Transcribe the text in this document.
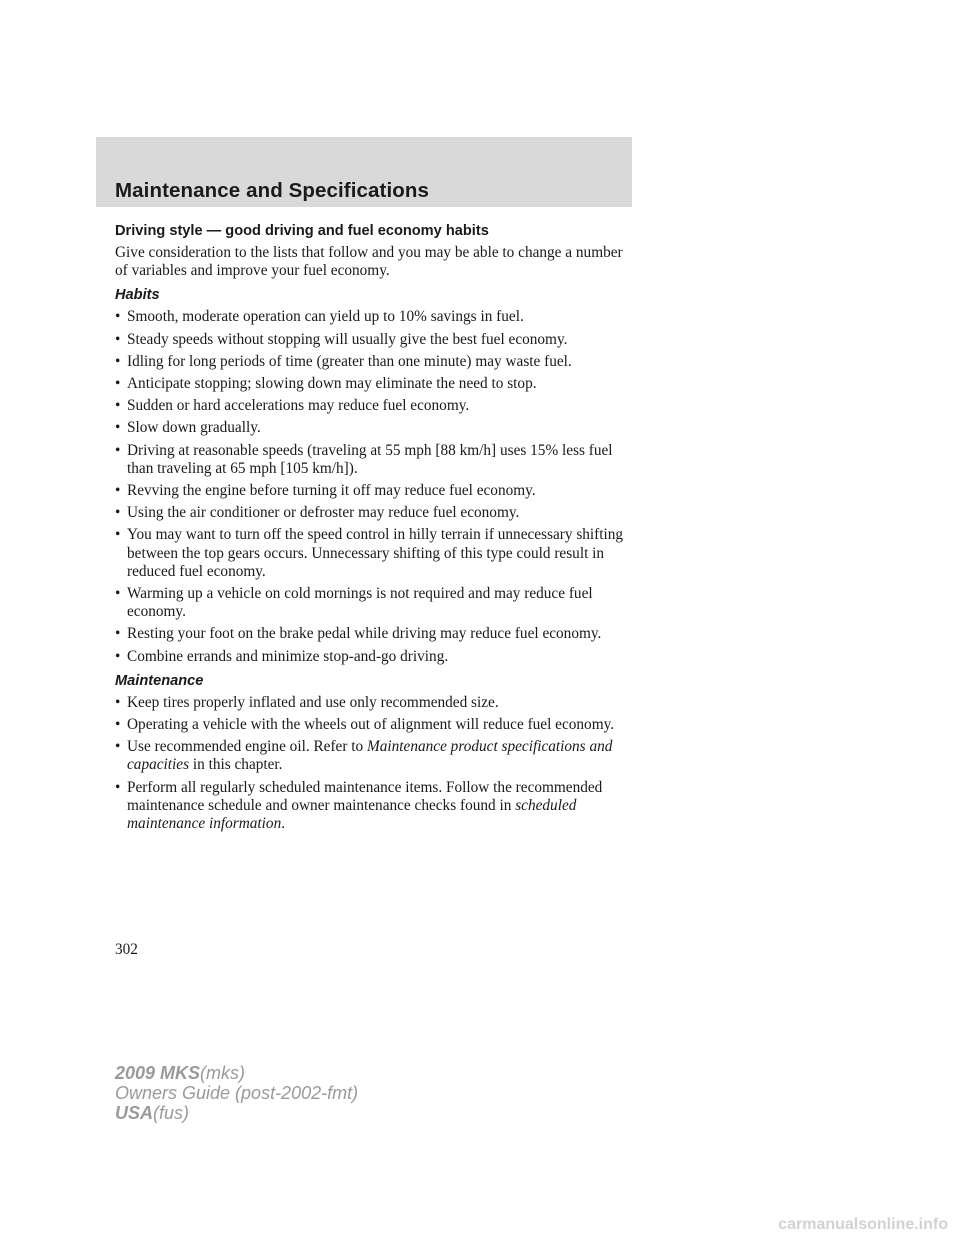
Maintenance and Specifications
Driving style — good driving and fuel economy habits

Give consideration to the lists that follow and you may be able to change a number of variables and improve your fuel economy.

Habits
• Smooth, moderate operation can yield up to 10% savings in fuel.
• Steady speeds without stopping will usually give the best fuel economy.
• Idling for long periods of time (greater than one minute) may waste fuel.
• Anticipate stopping; slowing down may eliminate the need to stop.
• Sudden or hard accelerations may reduce fuel economy.
• Slow down gradually.
• Driving at reasonable speeds (traveling at 55 mph [88 km/h] uses 15% less fuel than traveling at 65 mph [105 km/h]).
• Revving the engine before turning it off may reduce fuel economy.
• Using the air conditioner or defroster may reduce fuel economy.
• You may want to turn off the speed control in hilly terrain if unnecessary shifting between the top gears occurs. Unnecessary shifting of this type could result in reduced fuel economy.
• Warming up a vehicle on cold mornings is not required and may reduce fuel economy.
• Resting your foot on the brake pedal while driving may reduce fuel economy.
• Combine errands and minimize stop-and-go driving.
Maintenance
• Keep tires properly inflated and use only recommended size.
• Operating a vehicle with the wheels out of alignment will reduce fuel economy.
• Use recommended engine oil. Refer to Maintenance product specifications and capacities in this chapter.
• Perform all regularly scheduled maintenance items. Follow the recommended maintenance schedule and owner maintenance checks found in scheduled maintenance information.
302
2009 MKS(mks)
Owners Guide (post-2002-fmt)
USA(fus)
carmanualsonline.info
